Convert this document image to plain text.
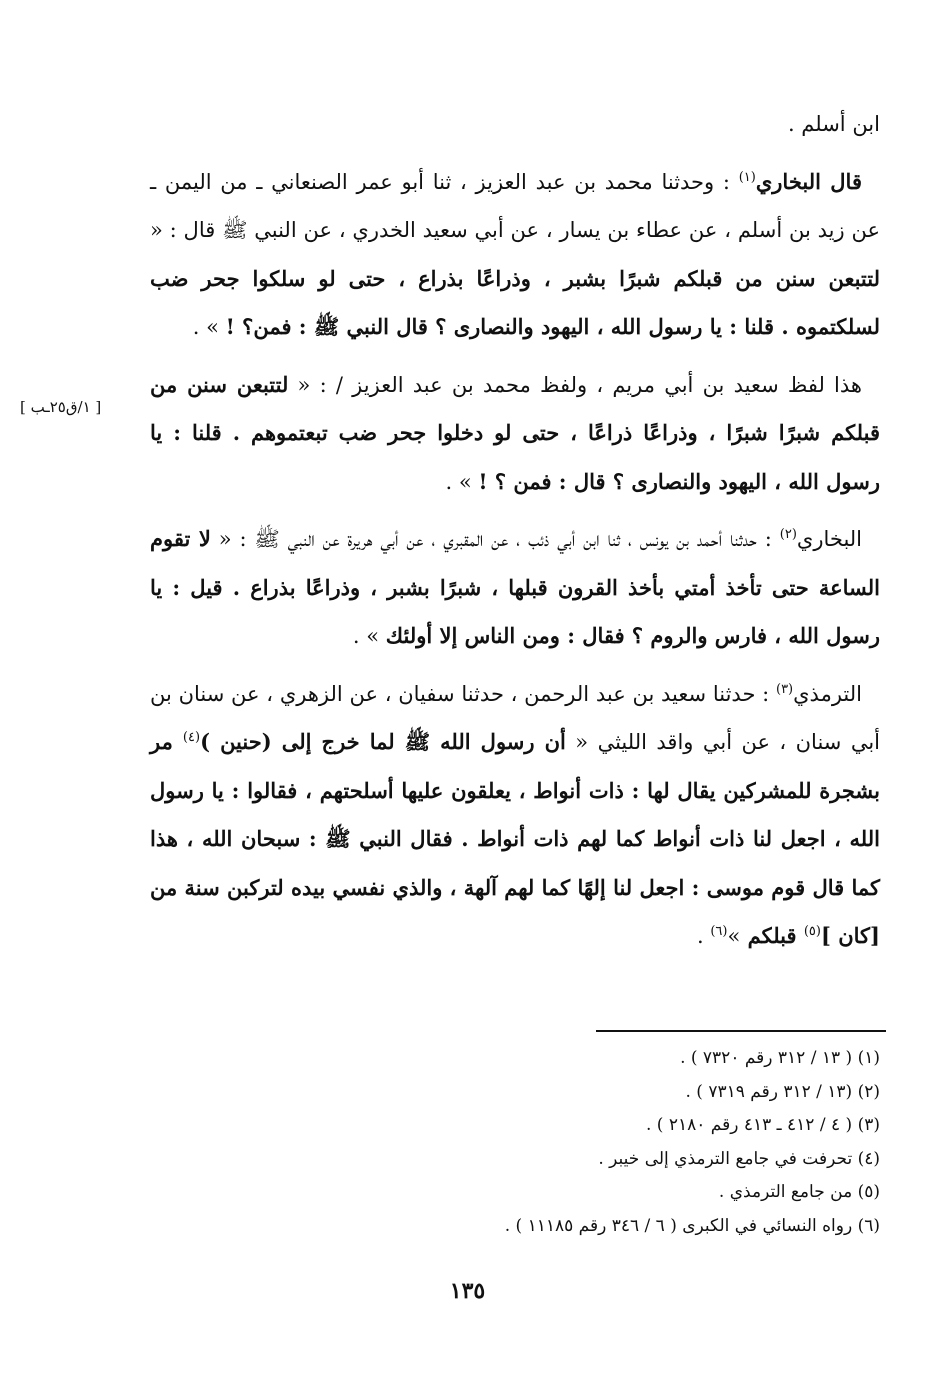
ابن أسلم .

قال البخاري$^{(١)}$ : وحدثنا محمد بن عبد العزيز ، ثنا أبو عمر الصنعاني ـ من اليمن ـ عن زيد بن أسلم ، عن عطاء بن يسار ، عن أبي سعيد الخدري ، عن النبي ﷺ قال : « لتتبعن سنن من قبلكم شبرًا بشبر ، وذراعًا بذراع ، حتى لو سلكوا جحر ضب لسلكتموه . قلنا : يا رسول الله ، اليهود والنصارى ؟ قال النبي ﷺ : فمن؟ ! » .

هذا لفظ سعيد بن أبي مريم ، ولفظ محمد بن عبد العزيز / : « لتتبعن سنن من قبلكم شبرًا شبرًا ، وذراعًا ذراعًا ، حتى لو دخلوا جحر ضب تبعتموهم . قلنا : يا رسول الله ، اليهود والنصارى ؟ قال : فمن ؟ ! » .

البخاري$^{(٢)}$ : حدثنا أحمد بن يونس ، ثنا ابن أبي ذئب ، عن المقبري ، عن أبي هريرة عن النبي ﷺ : « لا تقوم الساعة حتى تأخذ أمتي بأخذ القرون قبلها ، شبرًا بشبر ، وذراعًا بذراع . قيل : يا رسول الله ، فارس والروم ؟ فقال : ومن الناس إلا أولئك » .

الترمذي$^{(٣)}$ : حدثنا سعيد بن عبد الرحمن ، حدثنا سفيان ، عن الزهري ، عن سنان بن أبي سنان ، عن أبي واقد الليثي « أن رسول الله ﷺ لما خرج إلى (حنين )$^{(٤)}$ مر بشجرة للمشركين يقال لها : ذات أنواط ، يعلقون عليها أسلحتهم ، فقالوا : يا رسول الله ، اجعل لنا ذات أنواط كما لهم ذات أنواط . فقال النبي ﷺ : سبحان الله ، هذا كما قال قوم موسى : اجعل لنا إلهًا كما لهم آلهة ، والذي نفسي بيده لتركبن سنة من [كان ]$^{(٥)}$ قبلكم »$^{(٦)}$ .

[ ١/ق٢٥ـب ]
(١) ( ١٣ / ٣١٢ رقم ٧٣٢٠ ) .
(٢) (١٣ / ٣١٢ رقم ٧٣١٩ ) .
(٣) ( ٤ / ٤١٢ ـ ٤١٣ رقم ٢١٨٠ ) .
(٤) تحرفت في جامع الترمذي إلى خيبر .
(٥) من جامع الترمذي .
(٦) رواه النسائي في الكبرى ( ٦ / ٣٤٦ رقم ١١١٨٥ ) .
١٣٥
